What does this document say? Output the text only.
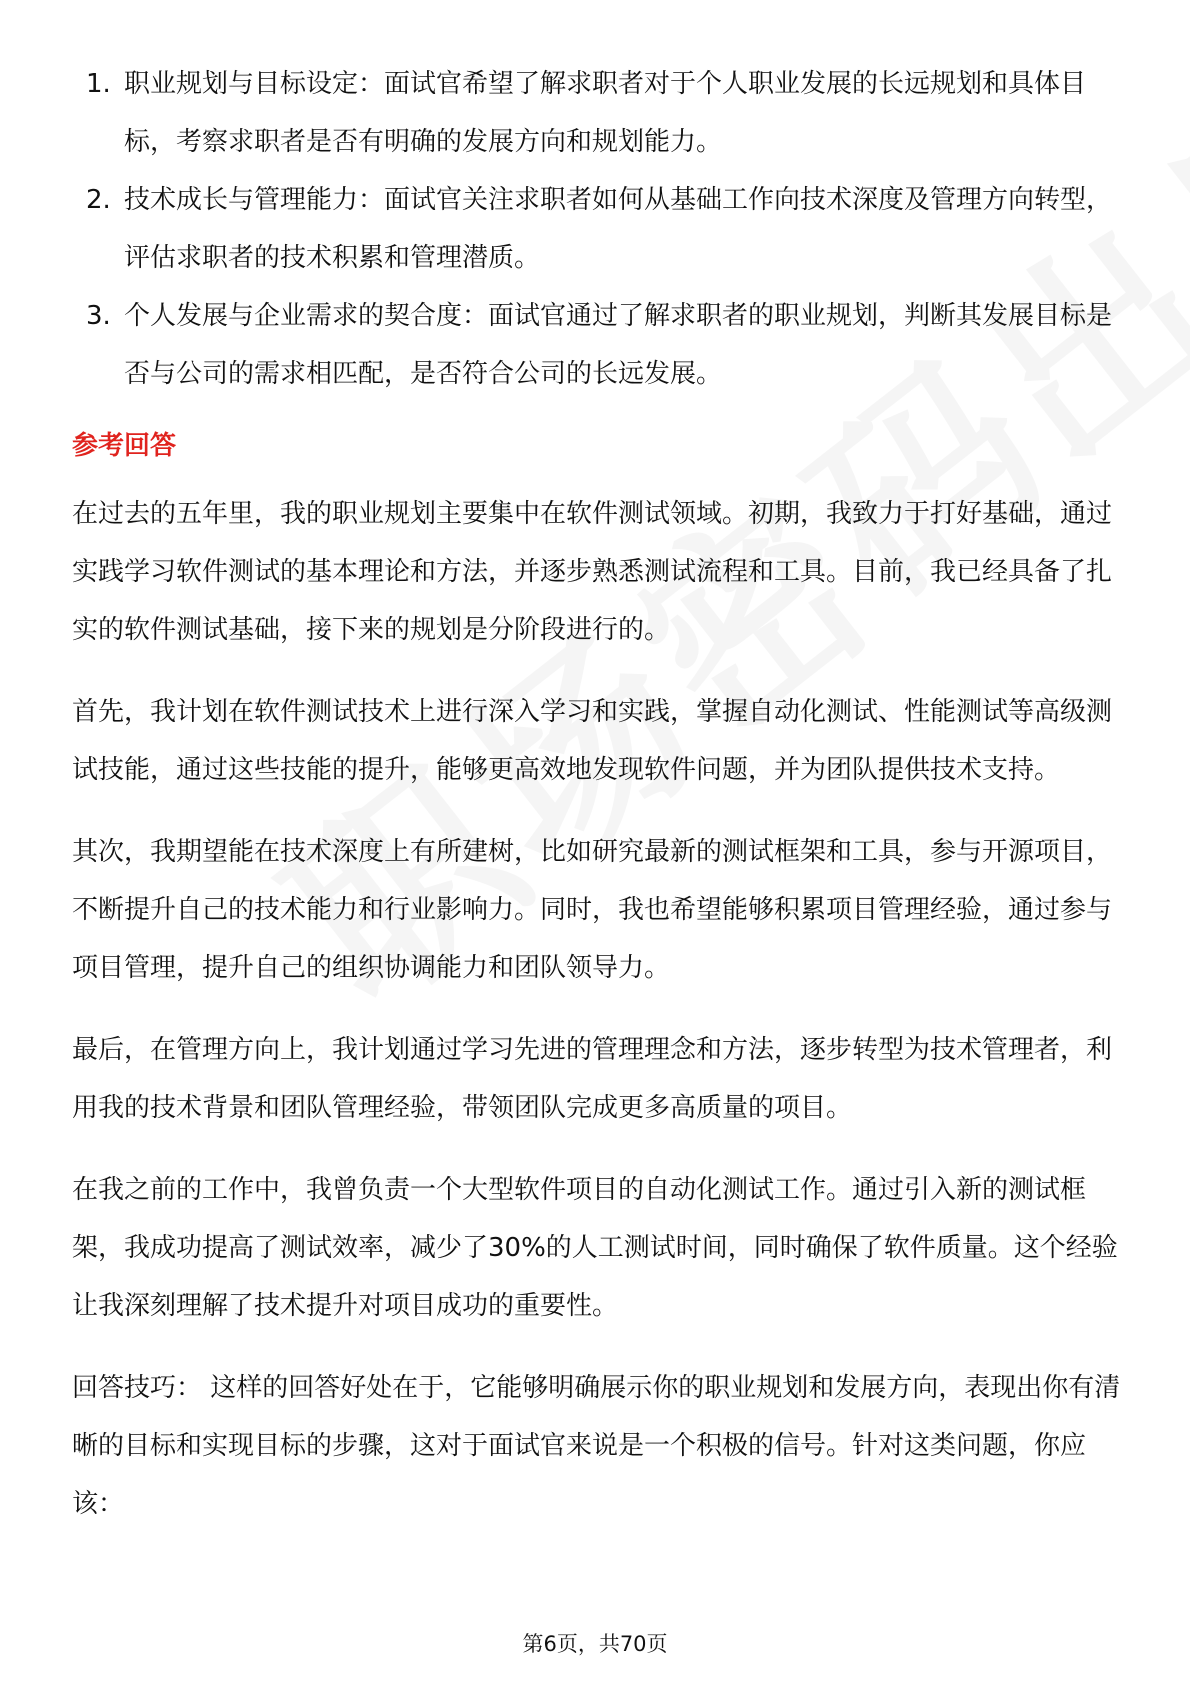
1. 职业规划与目标设定：面试官希望了解求职者对于个人职业发展的长远规划和具体目标，考察求职者是否有明确的发展方向和规划能力。
2. 技术成长与管理能力：面试官关注求职者如何从基础工作向技术深度及管理方向转型，评估求职者的技术积累和管理潜质。
3. 个人发展与企业需求的契合度：面试官通过了解求职者的职业规划，判断其发展目标是否与公司的需求相匹配，是否符合公司的长远发展。
参考回答

在过去的五年里，我的职业规划主要集中在软件测试领域。初期，我致力于打好基础，通过实践学习软件测试的基本理论和方法，并逐步熟悉测试流程和工具。目前，我已经具备了扎实的软件测试基础，接下来的规划是分阶段进行的。

首先，我计划在软件测试技术上进行深入学习和实践，掌握自动化测试、性能测试等高级测试技能，通过这些技能的提升，能够更高效地发现软件问题，并为团队提供技术支持。

其次，我期望能在技术深度上有所建树，比如研究最新的测试框架和工具，参与开源项目，不断提升自己的技术能力和行业影响力。同时，我也希望能够积累项目管理经验，通过参与项目管理，提升自己的组织协调能力和团队领导力。

最后，在管理方向上，我计划通过学习先进的管理理念和方法，逐步转型为技术管理者，利用我的技术背景和团队管理经验，带领团队完成更多高质量的项目。

在我之前的工作中，我曾负责一个大型软件项目的自动化测试工作。通过引入新的测试框架，我成功提高了测试效率，减少了30%的人工测试时间，同时确保了软件质量。这个经验让我深刻理解了技术提升对项目成功的重要性。

回答技巧： 这样的回答好处在于，它能够明确展示你的职业规划和发展方向，表现出你有清晰的目标和实现目标的步骤，这对于面试官来说是一个积极的信号。针对这类问题，你应该：

第6页，共70页
